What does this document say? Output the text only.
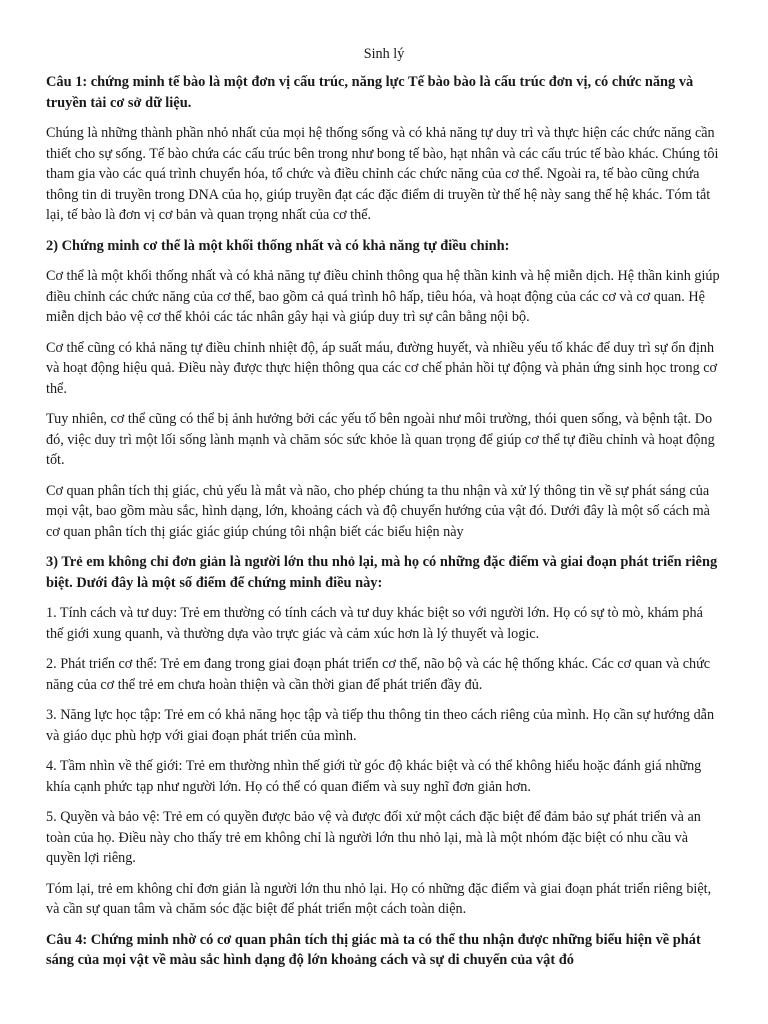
Sinh lý
Câu 1: chứng minh tế bào là một đơn vị cấu trúc, năng lực Tế bào bào là cấu trúc đơn vị, có chức năng và truyền tải cơ sở dữ liệu.
Chúng là những thành phần nhỏ nhất của mọi hệ thống sống và có khả năng tự duy trì và thực hiện các chức năng cần thiết cho sự sống. Tế bào chứa các cấu trúc bên trong như bong tế bào, hạt nhân và các cấu trúc tế bào khác. Chúng tôi tham gia vào các quá trình chuyển hóa, tổ chức và điều chỉnh các chức năng của cơ thể. Ngoài ra, tế bào cũng chứa thông tin di truyền trong DNA của họ, giúp truyền đạt các đặc điểm di truyền từ thế hệ này sang thế hệ khác. Tóm tắt lại, tế bào là đơn vị cơ bản và quan trọng nhất của cơ thể.
2) Chứng minh cơ thể là một khối thống nhất và có khả năng tự điều chỉnh:
Cơ thể là một khối thống nhất và có khả năng tự điều chỉnh thông qua hệ thần kinh và hệ miễn dịch. Hệ thần kinh giúp điều chỉnh các chức năng của cơ thể, bao gồm cả quá trình hô hấp, tiêu hóa, và hoạt động của các cơ và cơ quan. Hệ miễn dịch bảo vệ cơ thể khỏi các tác nhân gây hại và giúp duy trì sự cân bằng nội bộ.
Cơ thể cũng có khả năng tự điều chỉnh nhiệt độ, áp suất máu, đường huyết, và nhiều yếu tố khác để duy trì sự ổn định và hoạt động hiệu quả. Điều này được thực hiện thông qua các cơ chế phản hồi tự động và phản ứng sinh học trong cơ thể.
Tuy nhiên, cơ thể cũng có thể bị ảnh hưởng bởi các yếu tố bên ngoài như môi trường, thói quen sống, và bệnh tật. Do đó, việc duy trì một lối sống lành mạnh và chăm sóc sức khỏe là quan trọng để giúp cơ thể tự điều chỉnh và hoạt động tốt.
Cơ quan phân tích thị giác, chủ yếu là mắt và não, cho phép chúng ta thu nhận và xử lý thông tin về sự phát sáng của mọi vật, bao gồm màu sắc, hình dạng, lớn, khoảng cách và độ chuyển hướng của vật đó. Dưới đây là một số cách mà cơ quan phân tích thị giác giác giúp chúng tôi nhận biết các biểu hiện này
3) Trẻ em không chỉ đơn giản là người lớn thu nhỏ lại, mà họ có những đặc điểm và giai đoạn phát triển riêng biệt. Dưới đây là một số điểm để chứng minh điều này:
1. Tính cách và tư duy: Trẻ em thường có tính cách và tư duy khác biệt so với người lớn. Họ có sự tò mò, khám phá thế giới xung quanh, và thường dựa vào trực giác và cảm xúc hơn là lý thuyết và logic.
2. Phát triển cơ thể: Trẻ em đang trong giai đoạn phát triển cơ thể, não bộ và các hệ thống khác. Các cơ quan và chức năng của cơ thể trẻ em chưa hoàn thiện và cần thời gian để phát triển đầy đủ.
3. Năng lực học tập: Trẻ em có khả năng học tập và tiếp thu thông tin theo cách riêng của mình. Họ cần sự hướng dẫn và giáo dục phù hợp với giai đoạn phát triển của mình.
4. Tầm nhìn về thế giới: Trẻ em thường nhìn thế giới từ góc độ khác biệt và có thể không hiểu hoặc đánh giá những khía cạnh phức tạp như người lớn. Họ có thể có quan điểm và suy nghĩ đơn giản hơn.
5. Quyền và bảo vệ: Trẻ em có quyền được bảo vệ và được đối xử một cách đặc biệt để đảm bảo sự phát triển và an toàn của họ. Điều này cho thấy trẻ em không chỉ là người lớn thu nhỏ lại, mà là một nhóm đặc biệt có nhu cầu và quyền lợi riêng.
Tóm lại, trẻ em không chỉ đơn giản là người lớn thu nhỏ lại. Họ có những đặc điểm và giai đoạn phát triển riêng biệt, và cần sự quan tâm và chăm sóc đặc biệt để phát triển một cách toàn diện.
Câu 4: Chứng minh nhờ có cơ quan phân tích thị giác mà ta có thể thu nhận được những biểu hiện về phát sáng của mọi vật về màu sắc hình dạng độ lớn khoảng cách và sự di chuyển của vật đó
